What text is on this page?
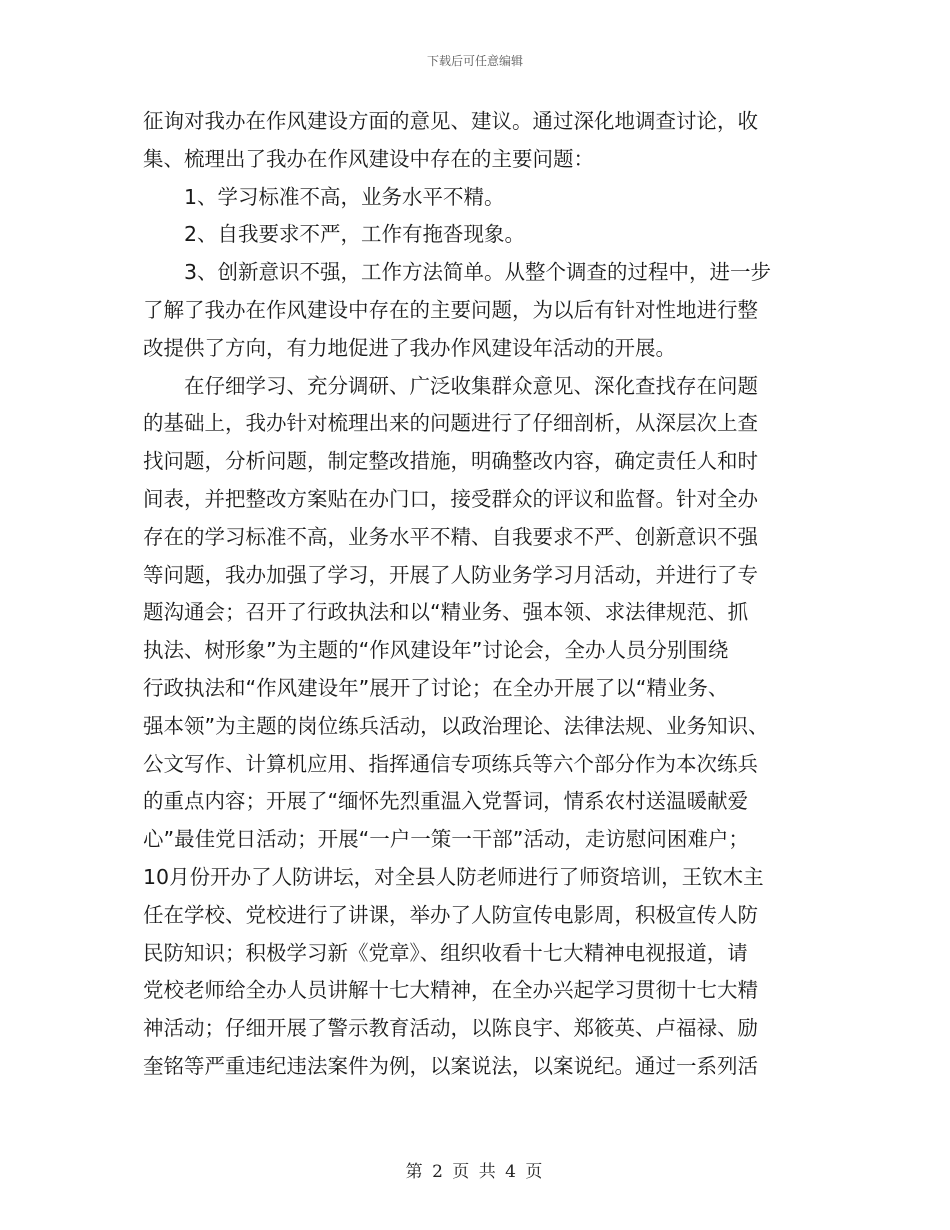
下载后可任意编辑

征询对我办在作风建设方面的意见、建议。通过深化地调查讨论，收

集、梳理出了我办在作风建设中存在的主要问题：

1、学习标准不高，业务水平不精。

2、自我要求不严，工作有拖沓现象。

3、创新意识不强，工作方法简单。从整个调查的过程中，进一步

了解了我办在作风建设中存在的主要问题，为以后有针对性地进行整

改提供了方向，有力地促进了我办作风建设年活动的开展。

在仔细学习、充分调研、广泛收集群众意见、深化查找存在问题

的基础上，我办针对梳理出来的问题进行了仔细剖析，从深层次上查

找问题，分析问题，制定整改措施，明确整改内容，确定责任人和时

间表，并把整改方案贴在办门口，接受群众的评议和监督。针对全办

存在的学习标准不高，业务水平不精、自我要求不严、创新意识不强

等问题，我办加强了学习，开展了人防业务学习月活动，并进行了专

题沟通会；召开了行政执法和以“精业务、强本领、求法律规范、抓

执法、树形象”为主题的“作风建设年”讨论会，全办人员分别围绕

行政执法和“作风建设年”展开了讨论；在全办开展了以“精业务、

强本领”为主题的岗位练兵活动，以政治理论、法律法规、业务知识、

公文写作、计算机应用、指挥通信专项练兵等六个部分作为本次练兵

的重点内容；开展了“缅怀先烈重温入党誓词，情系农村送温暖献爱

心”最佳党日活动；开展“一户一策一干部”活动，走访慰问困难户；

10月份开办了人防讲坛，对全县人防老师进行了师资培训，王钦木主

任在学校、党校进行了讲课，举办了人防宣传电影周，积极宣传人防

民防知识；积极学习新《党章》、组织收看十七大精神电视报道，请

党校老师给全办人员讲解十七大精神，在全办兴起学习贯彻十七大精

神活动；仔细开展了警示教育活动，以陈良宇、郑筱英、卢福禄、励

奎铭等严重违纪违法案件为例，以案说法，以案说纪。通过一系列活

第 2 页 共 4 页
